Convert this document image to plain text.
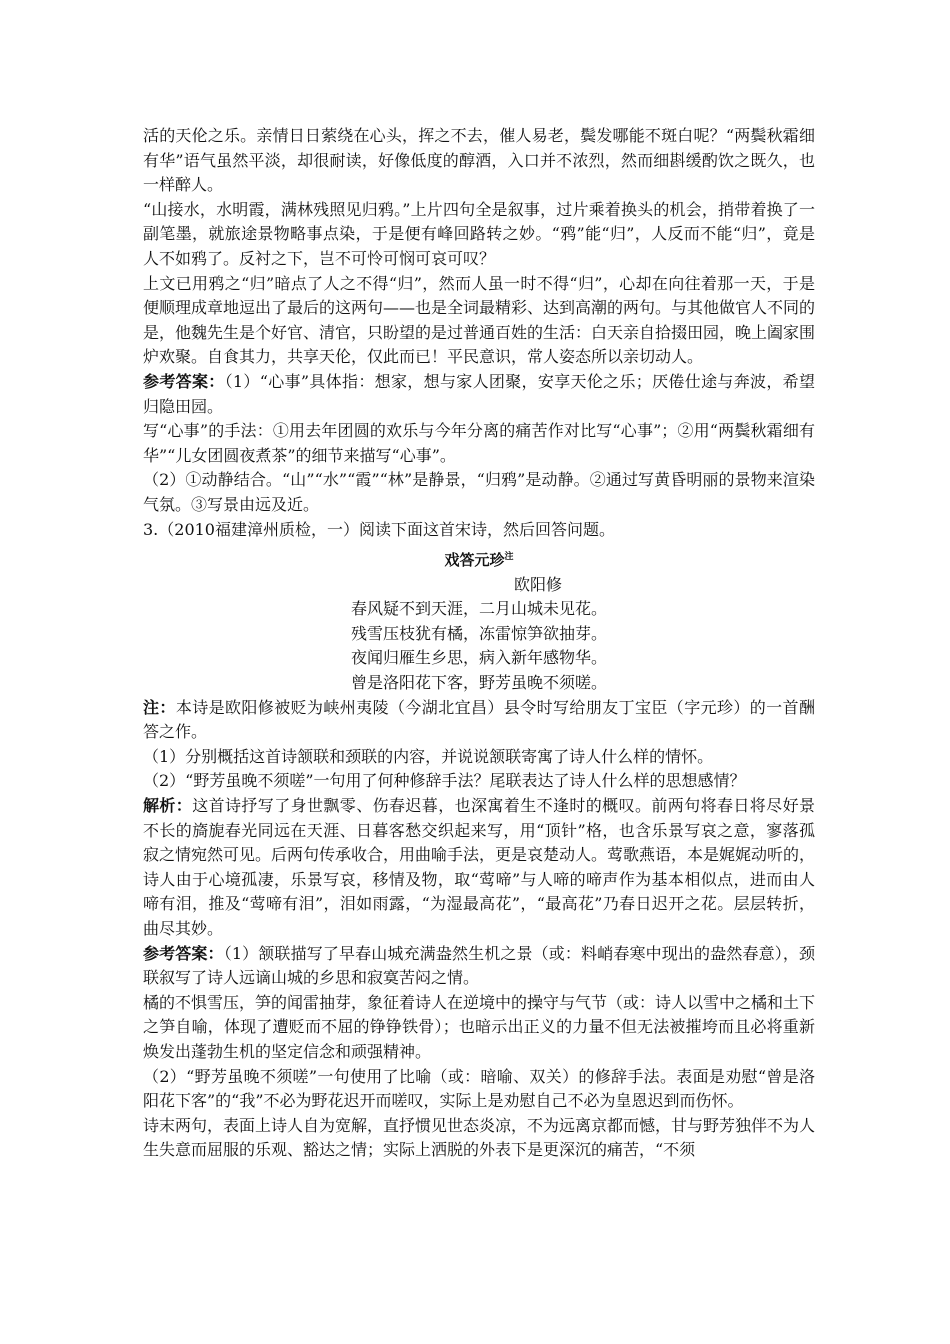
活的天伦之乐。亲情日日萦绕在心头，挥之不去，催人易老，鬓发哪能不斑白呢？“两鬓秋霜细有华”语气虽然平淡，却很耐读，好像低度的醇酒，入口并不浓烈，然而细斟缓酌饮之既久，也一样醉人。

“山接水，水明霞，满林残照见归鸦。”上片四句全是叙事，过片乘着换头的机会，捎带着换了一副笔墨，就旅途景物略事点染，于是便有峰回路转之妙。“鸦”能“归”，人反而不能“归”，竟是人不如鸦了。反衬之下，岂不可怜可悯可哀可叹？

上文已用鸦之“归”暗点了人之不得“归”，然而人虽一时不得“归”，心却在向往着那一天，于是便顺理成章地逗出了最后的这两句——也是全词最精彩、达到高潮的两句。与其他做官人不同的是，他魏先生是个好官、清官，只盼望的是过普通百姓的生活：白天亲自拾掇田园，晚上阖家围炉欢聚。自食其力，共享天伦，仅此而已！平民意识，常人姿态所以亲切动人。

参考答案：（1）“心事”具体指：想家，想与家人团聚，安享天伦之乐；厌倦仕途与奔波，希望归隐田园。

写“心事”的手法：①用去年团圆的欢乐与今年分离的痛苦作对比写“心事”；②用“两鬓秋霜细有华”“儿女团圆夜煮茶”的细节来描写“心事”。

（2）①动静结合。“山”“水”“霞”“林”是静景，“归鸦”是动静。②通过写黄昏明丽的景物来渲染气氛。③写景由远及近。

3.（2010福建漳州质检，一）阅读下面这首宋诗，然后回答问题。

戏答元珍$^注$

欧阳修

春风疑不到天涯，二月山城未见花。

残雪压枝犹有橘，冻雷惊笋欲抽芽。

夜闻归雁生乡思，病入新年感物华。

曾是洛阳花下客，野芳虽晚不须嗟。

注：本诗是欧阳修被贬为峡州夷陵（今湖北宜昌）县令时写给朋友丁宝臣（字元珍）的一首酬答之作。

（1）分别概括这首诗颔联和颈联的内容，并说说颔联寄寓了诗人什么样的情怀。

（2）“野芳虽晚不须嗟”一句用了何种修辞手法？尾联表达了诗人什么样的思想感情？

解析：这首诗抒写了身世飘零、伤春迟暮，也深寓着生不逢时的概叹。前两句将春日将尽好景不长的旖旎春光同远在天涯、日暮客愁交织起来写，用“顶针”格，也含乐景写哀之意，寥落孤寂之情宛然可见。后两句传承收合，用曲喻手法，更是哀楚动人。莺歌燕语，本是娓娓动听的，诗人由于心境孤凄，乐景写哀，移情及物，取“莺啼”与人啼的啼声作为基本相似点，进而由人啼有泪，推及“莺啼有泪”，泪如雨露，“为湿最高花”，“最高花”乃春日迟开之花。层层转折，曲尽其妙。

参考答案：（1）颔联描写了早春山城充满盎然生机之景（或：料峭春寒中现出的盎然春意），颈联叙写了诗人远谪山城的乡思和寂寞苦闷之情。

橘的不惧雪压，笋的闻雷抽芽，象征着诗人在逆境中的操守与气节（或：诗人以雪中之橘和土下之笋自喻，体现了遭贬而不屈的铮铮铁骨）；也暗示出正义的力量不但无法被摧垮而且必将重新焕发出蓬勃生机的坚定信念和顽强精神。

（2）“野芳虽晚不须嗟”一句使用了比喻（或：暗喻、双关）的修辞手法。表面是劝慰“曾是洛阳花下客”的“我”不必为野花迟开而嗟叹，实际上是劝慰自己不必为皇恩迟到而伤怀。

诗末两句，表面上诗人自为宽解，直抒惯见世态炎凉，不为远离京都而憾，甘与野芳独伴不为人生失意而屈服的乐观、豁达之情；实际上洒脱的外表下是更深沉的痛苦，“不须
